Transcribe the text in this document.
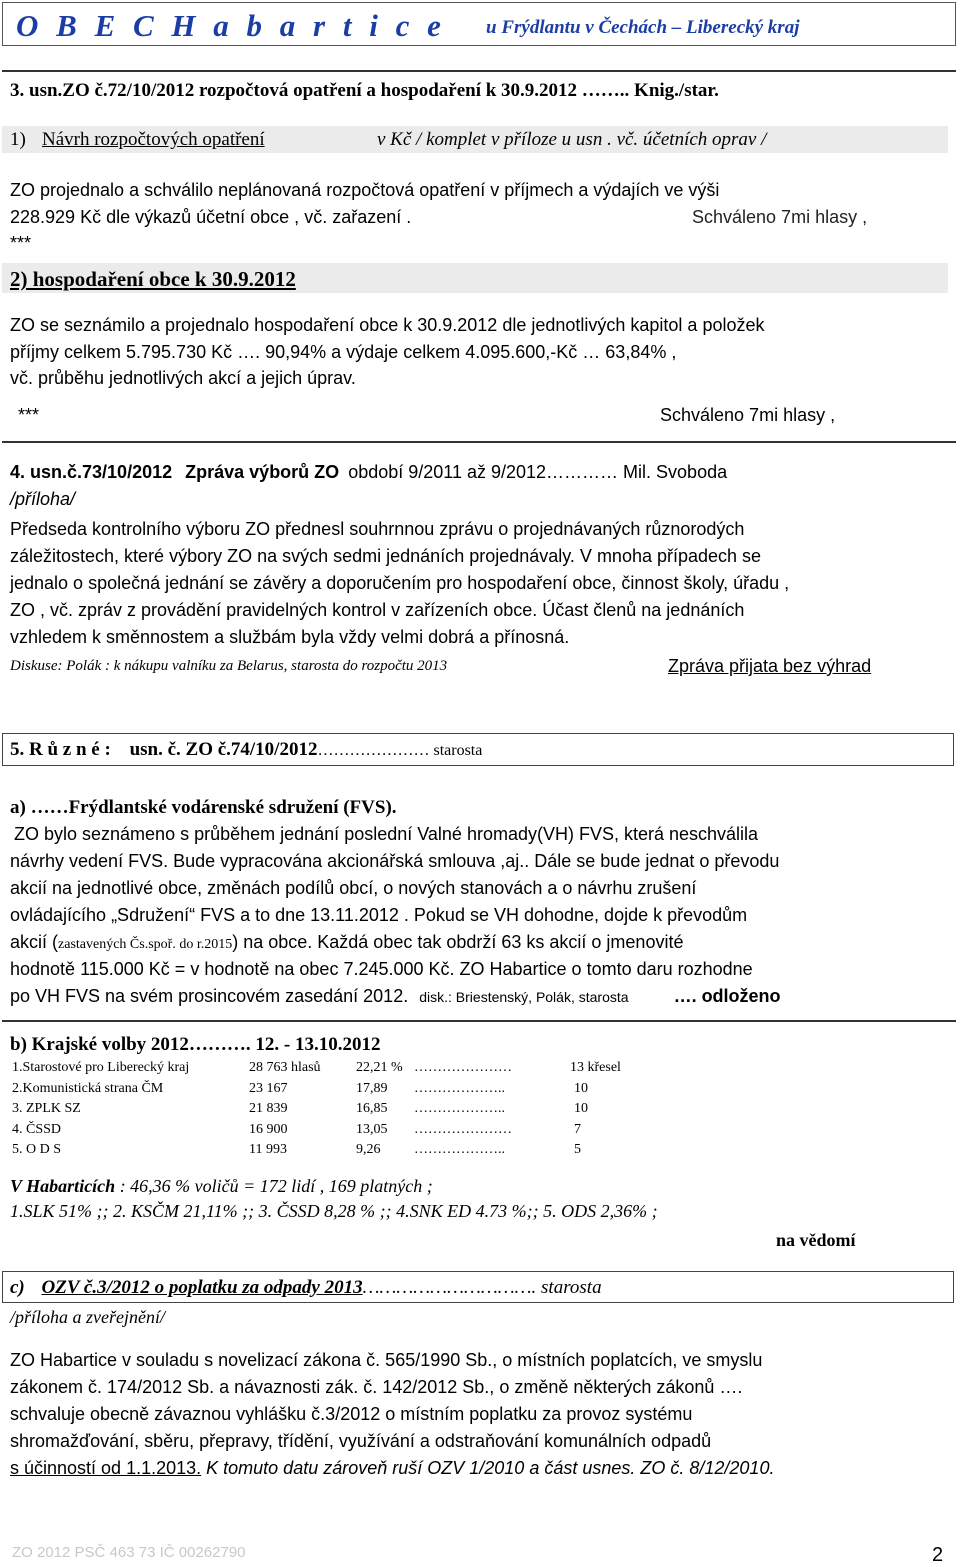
O B E C H a b a r t i c e u Frýdlantu v Čechách – Liberecký kraj
3. usn.ZO č.72/10/2012 rozpočtová opatření a hospodaření k 30.9.2012 …….. Knig./star.
1) Návrh rozpočtových opatření	v Kč / komplet v příloze u usn . vč. účetních oprav /
ZO projednalo a schválilo neplánovaná rozpočtová opatření v příjmech a výdajích ve výši
228.929 Kč dle výkazů účetní obce , vč. zařazení .	Schváleno 7mi hlasy ,
***
2) hospodaření obce k 30.9.2012
ZO se seznámilo a projednalo hospodaření obce k 30.9.2012 dle jednotlivých kapitol a položek
příjmy celkem 5.795.730 Kč …. 90,94% a výdaje celkem 4.095.600,-Kč … 63,84% ,
vč. průběhu jednotlivých akcí a jejich úprav.
***	Schváleno 7mi hlasy ,
4. usn.č.73/10/2012 Zpráva výborů ZO období 9/2011 až 9/2012………… Mil. Svoboda
/příloha/
Předseda kontrolního výboru ZO přednesl souhrnnou zprávu o projednávaných různorodých
záležitostech, které výbory ZO na svých sedmi jednáních projednávaly. V mnoha případech se
jednalo o společná jednání se závěry a doporučením pro hospodaření obce, činnost školy, úřadu ,
ZO , vč. zpráv z provádění pravidelných kontrol v zařízeních obce. Účast členů na jednáních
vzhledem k směnnostem a službám byla vždy velmi dobrá a přínosná.
Diskuse: Polák : k nákupu valníku za Belarus, starosta do rozpočtu 2013	Zpráva přijata bez výhrad
5. R ů z n é : usn. č. ZO č.74/10/2012………………… starosta
a) ……Frýdlantské vodárenské sdružení (FVS).
ZO bylo seznámeno s průběhem jednání poslední Valné hromady(VH) FVS, která neschválila
návrhy vedení FVS. Bude vypracována akcionářská smlouva ,aj.. Dále se bude jednat o převodu
akcií na jednotlivé obce, změnách podílů obcí, o nových stanovách a o návrhu zrušení
ovládajícího „Sdružení“ FVS a to dne 13.11.2012 . Pokud se VH dohodne, dojde k převodům
akcií (zastavených Čs.spoř. do r.2015) na obce. Každá obec tak obdrží 63 ks akcií o jmenovité
hodnotě 115.000 Kč = v hodnotě na obec 7.245.000 Kč. ZO Habartice o tomto daru rozhodne
po VH FVS na svém prosincovém zasedání 2012. disk.: Briestenský, Polák, starosta	…. odloženo
b) Krajské volby 2012………. 12. - 13.10.2012
1.Starostové pro Liberecký kraj	28 763 hlasů	22,21 % …………………	13 křesel
2.Komunistická strana ČM	23 167	17,89 ………………..	10
3. ZPLK SZ	21 839	16,85 ………………..	10
4. ČSSD	16 900	13,05 …………………	7
5. O D S	11 993	9,26 ………………..	5
V Habarticích : 46,36 % voličů = 172 lidí , 169 platných ;
1.SLK 51% ;; 2. KSČM 21,11% ;; 3. ČSSD 8,28 % ;; 4.SNK ED 4.73 %;; 5. ODS 2,36% ;
na vědomí
c) OZV č.3/2012 o poplatku za odpady 2013…………………………. starosta
/příloha a zveřejnění/
ZO Habartice v souladu s novelizací zákona č. 565/1990 Sb., o místních poplatcích, ve smyslu
zákonem č. 174/2012 Sb. a návaznosti zák. č. 142/2012 Sb., o změně některých zákonů ….
schvaluje obecně závaznou vyhlášku č.3/2012 o místním poplatku za provoz systému
shromažďování, sběru, přepravy, třídění, využívání a odstraňování komunálních odpadů
s účinností od 1.1.2013. K tomuto datu zároveň ruší OZV 1/2010 a část usnes. ZO č. 8/12/2010.
ZO 2012 PSČ 463 73 IČ 00262790	2
